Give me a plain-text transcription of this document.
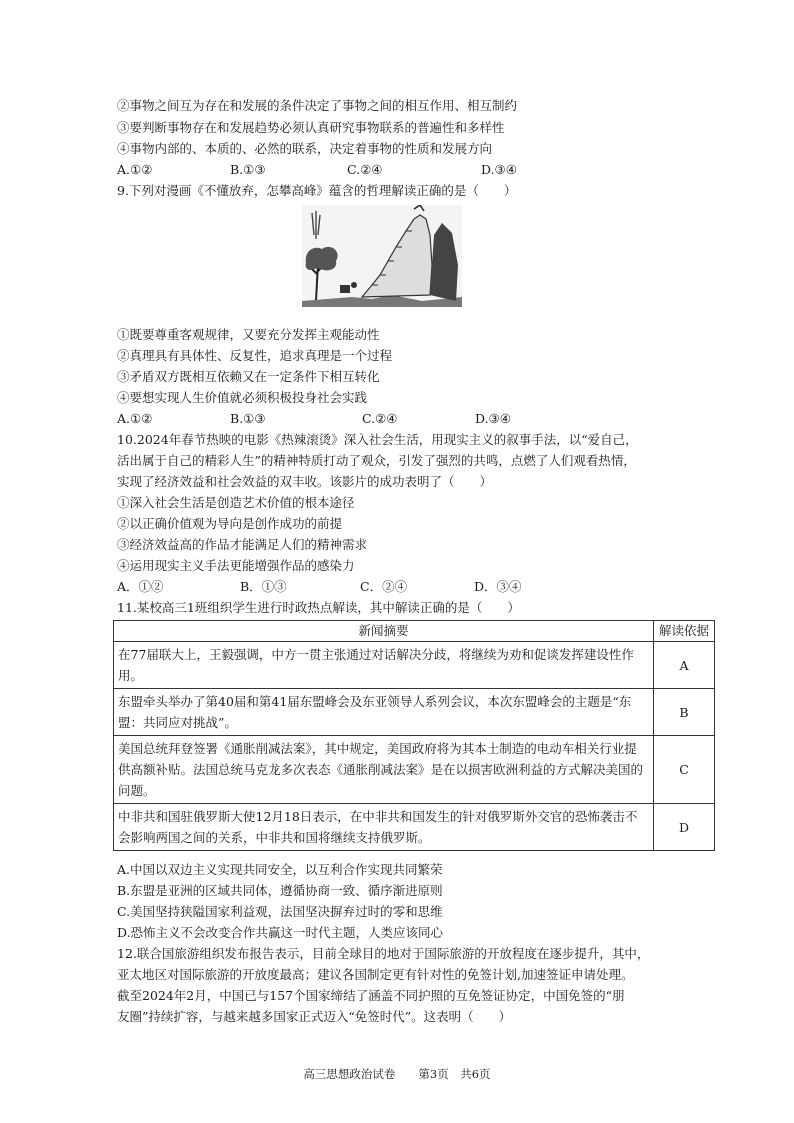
②事物之间互为存在和发展的条件决定了事物之间的相互作用、相互制约
③要判断事物存在和发展趋势必须认真研究事物联系的普遍性和多样性
④事物内部的、本质的、必然的联系，决定着事物的性质和发展方向
A.①②	B.①③	C.②④	D.③④
9.下列对漫画《不懂放弃，怎攀高峰》蕴含的哲理解读正确的是（　　）
①既要尊重客观规律，又要充分发挥主观能动性
②真理具有具体性、反复性，追求真理是一个过程
③矛盾双方既相互依赖又在一定条件下相互转化
④要想实现人生价值就必须积极投身社会实践
A.①②	B.①③	C.②④	D.③④
10.2024年春节热映的电影《热辣滚烫》深入社会生活，用现实主义的叙事手法，以“爱自己，
活出属于自己的精彩人生”的精神特质打动了观众，引发了强烈的共鸣，点燃了人们观看热情，
实现了经济效益和社会效益的双丰收。该影片的成功表明了（　　）
①深入社会生活是创造艺术价值的根本途径
②以正确价值观为导向是创作成功的前提
③经济效益高的作品才能满足人们的精神需求
④运用现实主义手法更能增强作品的感染力
A．①②	B．①③	C．②④	D．③④
11.某校高三1班组织学生进行时政热点解读，其中解读正确的是（　　）
新闻摘要	解读依据
在77届联大上，王毅强调，中方一贯主张通过对话解决分歧，将继续为劝和促谈发挥建设性作用。	A
东盟牵头举办了第40届和第41届东盟峰会及东亚领导人系列会议，本次东盟峰会的主题是“东盟：共同应对挑战”。	B
美国总统拜登签署《通胀削减法案》，其中规定，美国政府将为其本土制造的电动车相关行业提供高额补贴。法国总统马克龙多次表态《通胀削减法案》是在以损害欧洲利益的方式解决美国的问题。	C
中非共和国驻俄罗斯大使12月18日表示，在中非共和国发生的针对俄罗斯外交官的恐怖袭击不会影响两国之间的关系，中非共和国将继续支持俄罗斯。	D
A.中国以双边主义实现共同安全，以互利合作实现共同繁荣
B.东盟是亚洲的区域共同体，遵循协商一致、循序渐进原则
C.美国坚持狭隘国家利益观，法国坚决摒弃过时的零和思维
D.恐怖主义不会改变合作共赢这一时代主题，人类应该同心
12.联合国旅游组织发布报告表示，目前全球目的地对于国际旅游的开放程度在逐步提升，其中，
亚太地区对国际旅游的开放度最高；建议各国制定更有针对性的免签计划,加速签证申请处理。
截至2024年2月，中国已与157个国家缔结了涵盖不同护照的互免签证协定，中国免签的“朋
友圈”持续扩容，与越来越多国家正式迈入“免签时代”。这表明（　　）
高三思想政治试卷　　第3页　共6页
